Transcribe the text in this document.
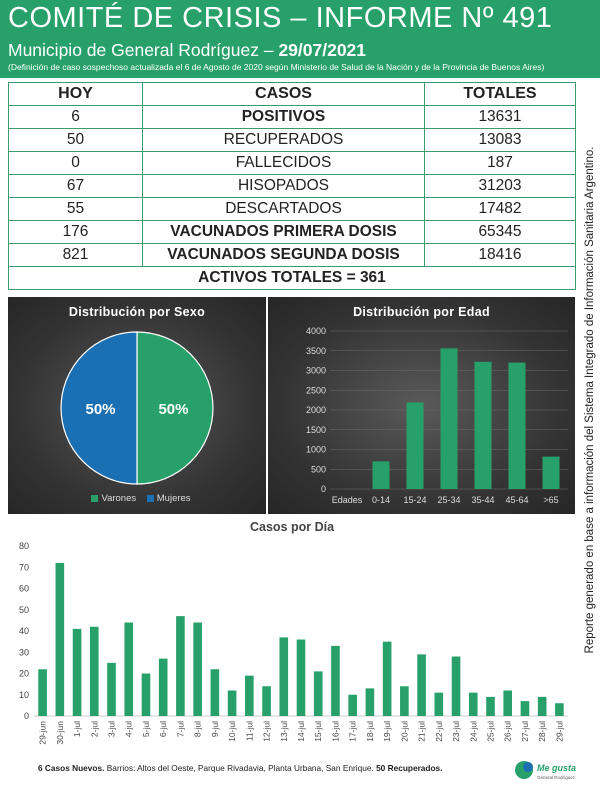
COMITÉ DE CRISIS – INFORME Nº 491
Municipio de General Rodríguez – 29/07/2021
(Definición de caso sospechoso actualizada el 6 de Agosto de 2020 según Ministerio de Salud de la Nación y de la Provincia de Buenos Aires)
HOY	CASOS	TOTALES
6	POSITIVOS	13631
50	RECUPERADOS	13083
0	FALLECIDOS	187
67	HISOPADOS	31203
55	DESCARTADOS	17482
176	VACUNADOS PRIMERA DOSIS	65345
821	VACUNADOS SEGUNDA DOSIS	18416
ACTIVOS TOTALES = 361			Reporte generado en base a información del Sistema Integrado de Información Sanitaria Argentino.
Distribución por Sexo
50%
50%
Varones Mujeres
Distribución por Edad
0
500
1000
1500
2000
2500
3000
3500
4000
Edades 0-14 15-24 25-34 35-44 45-64 >65
Casos por Día
0
10
20
30
40
50
60
70
80
29-jun 30-jun 1-jul 2-jul 3-jul 4-jul 5-jul 6-jul 7-jul 8-jul 9-jul 10-jul 11-jul 12-jul 13-jul 14-jul 15-jul 16-jul 17-jul 18-jul 19-jul 20-jul 21-jul 22-jul 23-jul 24-jul 25-jul 26-jul 27-jul 28-jul 29-jul
6 Casos Nuevos. Barrios: Altos del Oeste, Parque Rivadavia, Planta Urbana, San Enrique. 50 Recuperados.	Me gusta
General Rodríguez
